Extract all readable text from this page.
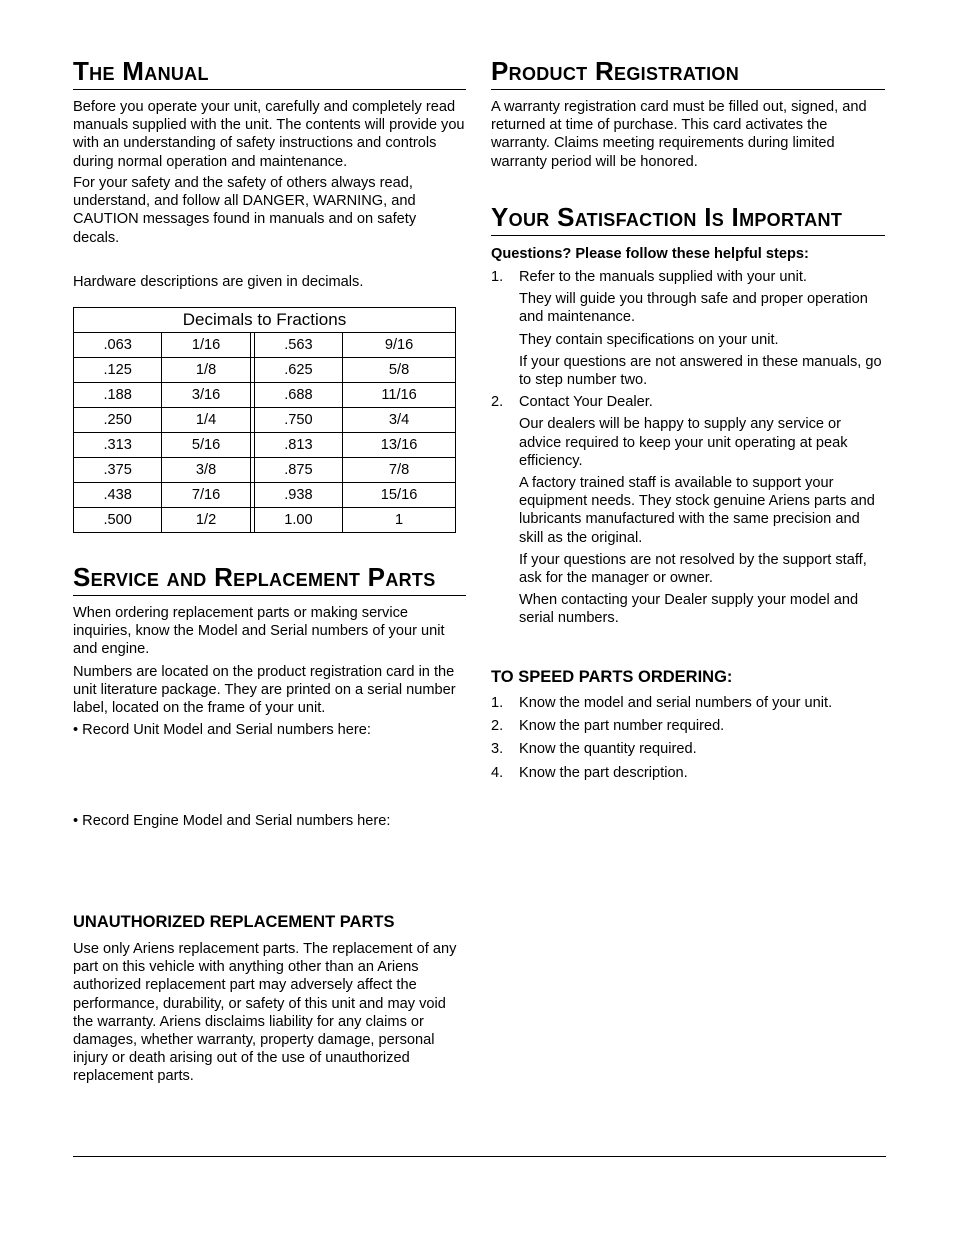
The Manual

Before you operate your unit, carefully and completely read manuals supplied with the unit. The contents will provide you with an understanding of safety instructions and controls during normal operation and maintenance.

For your safety and the safety of others always read, understand, and follow all DANGER, WARNING, and CAUTION messages found in manuals and on safety decals.

Hardware descriptions are given in decimals.

Decimals to Fractions				
.063	1/16		.563	9/16
.125	1/8		.625	5/8
.188	3/16		.688	11/16
.250	1/4		.750	3/4
.313	5/16		.813	13/16
.375	3/8		.875	7/8
.438	7/16		.938	15/16
.500	1/2		1.00	1
Service and Replacement Parts

When ordering replacement parts or making service inquiries, know the Model and Serial numbers of your unit and engine.

Numbers are located on the product registration card in the unit literature package. They are printed on a serial number label, located on the frame of your unit.

• Record Unit Model and Serial numbers here:

• Record Engine Model and Serial numbers here:

UNAUTHORIZED REPLACEMENT PARTS

Use only Ariens replacement parts. The replacement of any part on this vehicle with anything other than an Ariens authorized replacement part may adversely affect the performance, durability, or safety of this unit and may void the warranty. Ariens disclaims liability for any claims or damages, whether warranty, property damage, personal injury or death arising out of the use of unauthorized replacement parts.

Product Registration

A warranty registration card must be filled out, signed, and returned at time of purchase. This card activates the warranty. Claims meeting requirements during limited warranty period will be honored.

Your Satisfaction Is Important

Questions? Please follow these helpful steps:

1. Refer to the manuals supplied with your unit.

They will guide you through safe and proper operation and maintenance.

They contain specifications on your unit.

If your questions are not answered in these manuals, go to step number two.

2. Contact Your Dealer.

Our dealers will be happy to supply any service or advice required to keep your unit operating at peak efficiency.

A factory trained staff is available to support your equipment needs. They stock genuine Ariens parts and lubricants manufactured with the same precision and skill as the original.

If your questions are not resolved by the support staff, ask for the manager or owner.

When contacting your Dealer supply your model and serial numbers.

TO SPEED PARTS ORDERING:
1. Know the model and serial numbers of your unit.
2. Know the part number required.
3. Know the quantity required.
4. Know the part description.
